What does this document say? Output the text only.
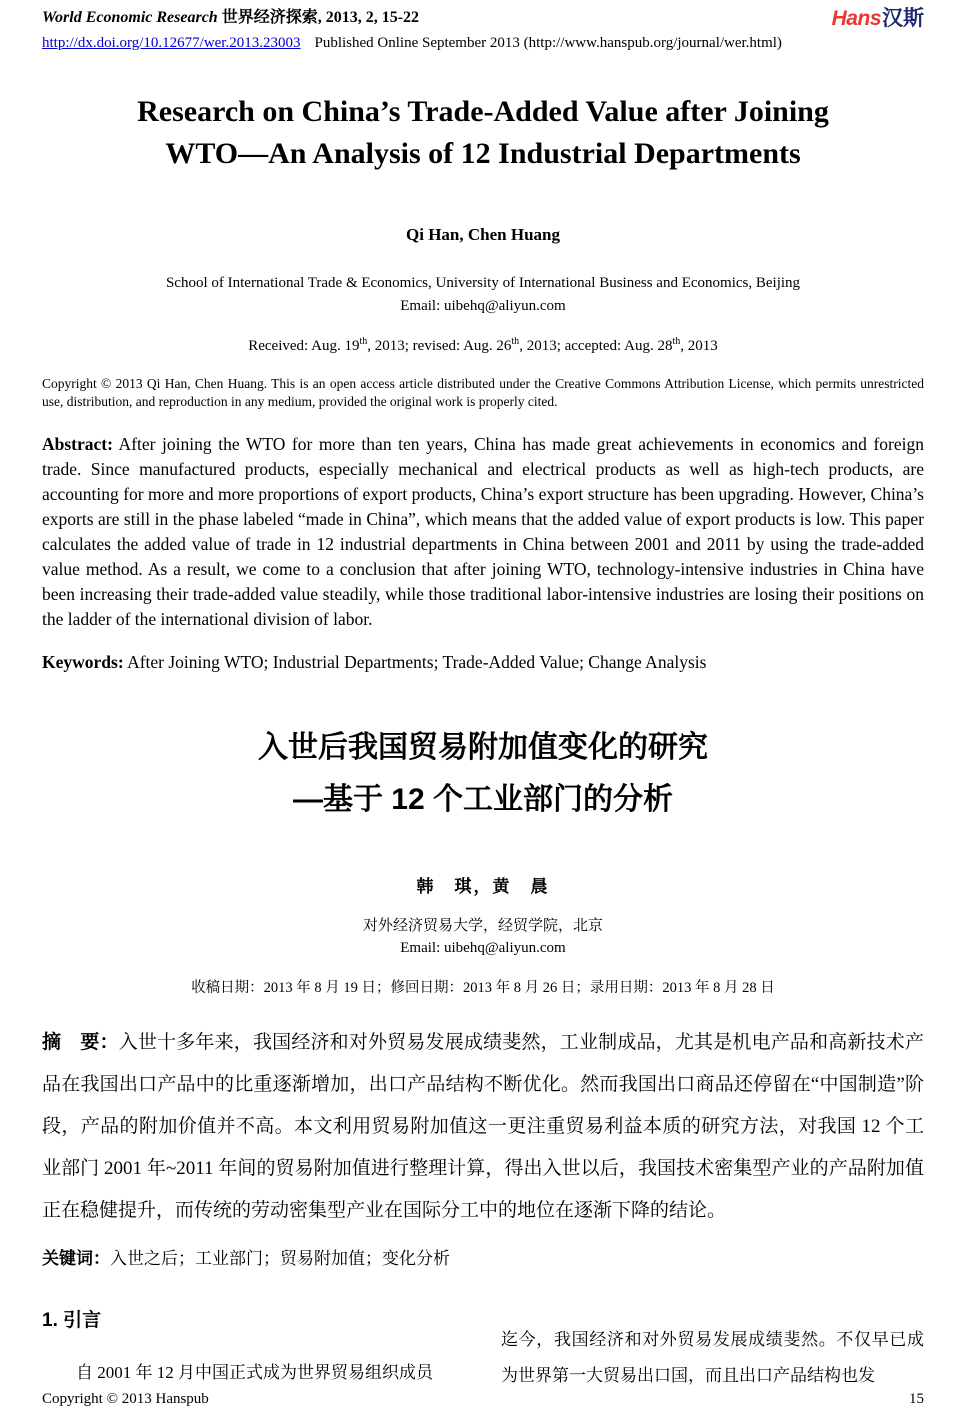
World Economic Research 世界经济探索, 2013, 2, 15-22	Hans汉斯
http://dx.doi.org/10.12677/wer.2013.23003 Published Online September 2013 (http://www.hanspub.org/journal/wer.html)
Research on China’s Trade-Added Value after Joining
WTO—An Analysis of 12 Industrial Departments
Qi Han, Chen Huang
School of International Trade & Economics, University of International Business and Economics, Beijing
Email: uibehq@aliyun.com
Received: Aug. 19th, 2013; revised: Aug. 26th, 2013; accepted: Aug. 28th, 2013
Copyright © 2013 Qi Han, Chen Huang. This is an open access article distributed under the Creative Commons Attribution License, which permits unrestricted use, distribution, and reproduction in any medium, provided the original work is properly cited.
Abstract: After joining the WTO for more than ten years, China has made great achievements in economics and foreign trade. Since manufactured products, especially mechanical and electrical products as well as high-tech products, are accounting for more and more proportions of export products, China’s export structure has been upgrading. However, China’s exports are still in the phase labeled “made in China”, which means that the added value of export products is low. This paper calculates the added value of trade in 12 industrial departments in China between 2001 and 2011 by using the trade-added value method. As a result, we come to a conclusion that after joining WTO, technology-intensive industries in China have been increasing their trade-added value steadily, while those traditional labor-intensive industries are losing their positions on the ladder of the international division of labor.
Keywords: After Joining WTO; Industrial Departments; Trade-Added Value; Change Analysis
入世后我国贸易附加值变化的研究
—基于 12 个工业部门的分析
韩　琪，黄　晨
对外经济贸易大学，经贸学院，北京
Email: uibehq@aliyun.com
收稿日期：2013 年 8 月 19 日；修回日期：2013 年 8 月 26 日；录用日期：2013 年 8 月 28 日
摘　要：入世十多年来，我国经济和对外贸易发展成绩斐然，工业制成品，尤其是机电产品和高新技术产品在我国出口产品中的比重逐渐增加，出口产品结构不断优化。然而我国出口商品还停留在“中国制造”阶段，产品的附加价值并不高。本文利用贸易附加值这一更注重贸易利益本质的研究方法，对我国 12 个工业部门 2001 年~2011 年间的贸易附加值进行整理计算，得出入世以后，我国技术密集型产业的产品附加值正在稳健提升，而传统的劳动密集型产业在国际分工中的地位在逐渐下降的结论。
关键词：入世之后；工业部门；贸易附加值；变化分析
1. 引言
自 2001 年 12 月中国正式成为世界贸易组织成员
迄今，我国经济和对外贸易发展成绩斐然。不仅早已成为世界第一大贸易出口国，而且出口产品结构也发
Copyright © 2013 Hanspub	15
